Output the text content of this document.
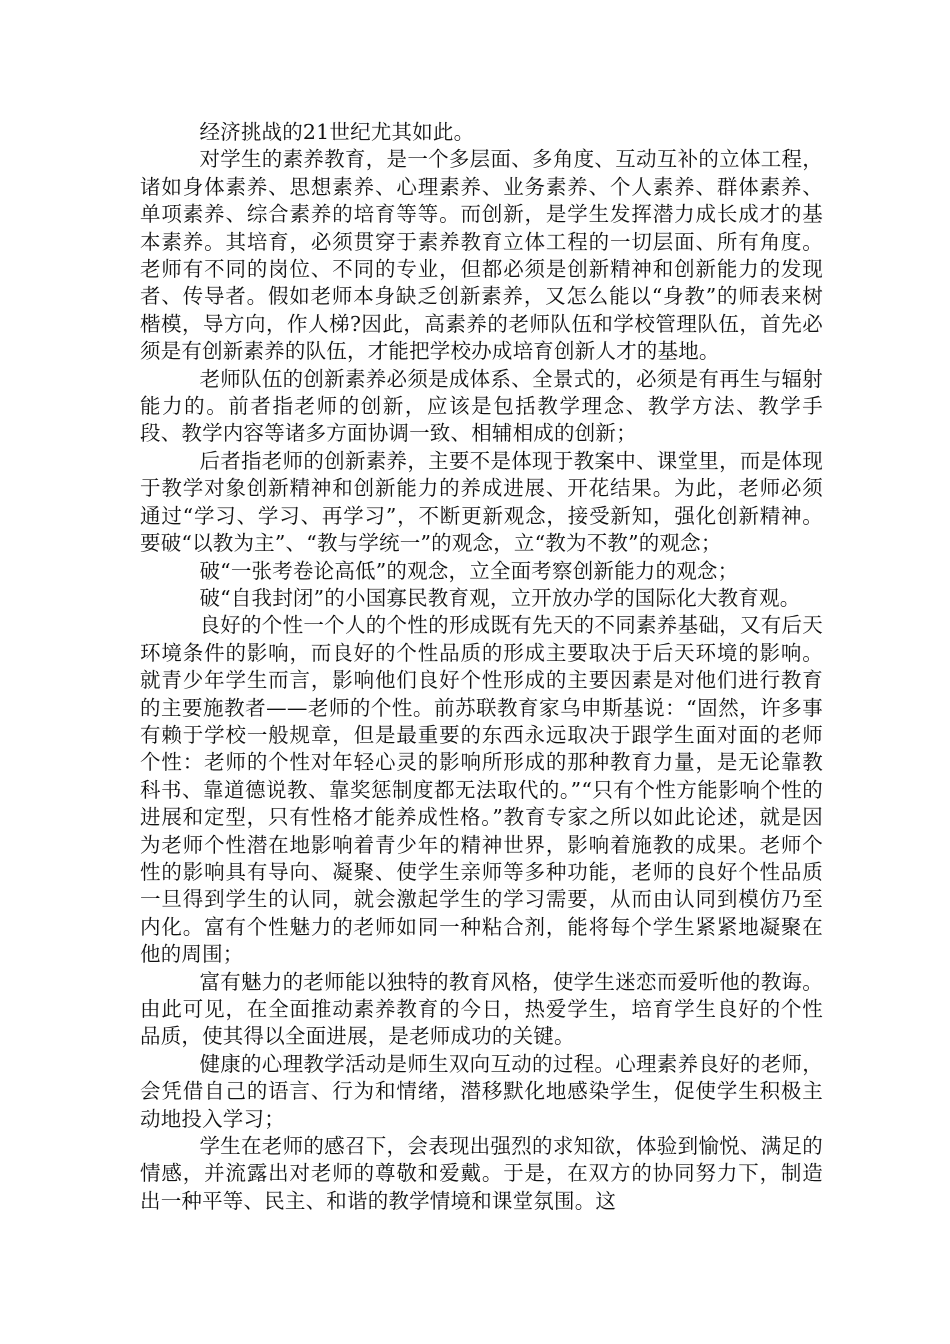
经济挑战的21世纪尤其如此。

对学生的素养教育，是一个多层面、多角度、互动互补的立体工程，诸如身体素养、思想素养、心理素养、业务素养、个人素养、群体素养、单项素养、综合素养的培育等等。而创新，是学生发挥潜力成长成才的基本素养。其培育，必须贯穿于素养教育立体工程的一切层面、所有角度。老师有不同的岗位、不同的专业，但都必须是创新精神和创新能力的发现者、传导者。假如老师本身缺乏创新素养，又怎么能以“身教”的师表来树楷模，导方向，作人梯?因此，高素养的老师队伍和学校管理队伍，首先必须是有创新素养的队伍，才能把学校办成培育创新人才的基地。

老师队伍的创新素养必须是成体系、全景式的，必须是有再生与辐射能力的。前者指老师的创新，应该是包括教学理念、教学方法、教学手段、教学内容等诸多方面协调一致、相辅相成的创新；

后者指老师的创新素养，主要不是体现于教案中、课堂里，而是体现于教学对象创新精神和创新能力的养成进展、开花结果。为此，老师必须通过“学习、学习、再学习”，不断更新观念，接受新知，强化创新精神。要破“以教为主”、“教与学统一”的观念，立“教为不教”的观念；

破“一张考卷论高低”的观念，立全面考察创新能力的观念；

破“自我封闭”的小国寡民教育观，立开放办学的国际化大教育观。

良好的个性一个人的个性的形成既有先天的不同素养基础，又有后天环境条件的影响，而良好的个性品质的形成主要取决于后天环境的影响。就青少年学生而言，影响他们良好个性形成的主要因素是对他们进行教育的主要施教者——老师的个性。前苏联教育家乌申斯基说：“固然，许多事有赖于学校一般规章，但是最重要的东西永远取决于跟学生面对面的老师个性：老师的个性对年轻心灵的影响所形成的那种教育力量，是无论靠教科书、靠道德说教、靠奖惩制度都无法取代的。”“只有个性方能影响个性的进展和定型，只有性格才能养成性格。”教育专家之所以如此论述，就是因为老师个性潜在地影响着青少年的精神世界，影响着施教的成果。老师个性的影响具有导向、凝聚、使学生亲师等多种功能，老师的良好个性品质一旦得到学生的认同，就会激起学生的学习需要，从而由认同到模仿乃至内化。富有个性魅力的老师如同一种粘合剂，能将每个学生紧紧地凝聚在他的周围；

富有魅力的老师能以独特的教育风格，使学生迷恋而爱听他的教诲。由此可见，在全面推动素养教育的今日，热爱学生，培育学生良好的个性品质，使其得以全面进展，是老师成功的关键。

健康的心理教学活动是师生双向互动的过程。心理素养良好的老师，会凭借自己的语言、行为和情绪，潜移默化地感染学生，促使学生积极主动地投入学习；

学生在老师的感召下，会表现出强烈的求知欲，体验到愉悦、满足的情感，并流露出对老师的尊敬和爱戴。于是，在双方的协同努力下，制造出一种平等、民主、和谐的教学情境和课堂氛围。这
